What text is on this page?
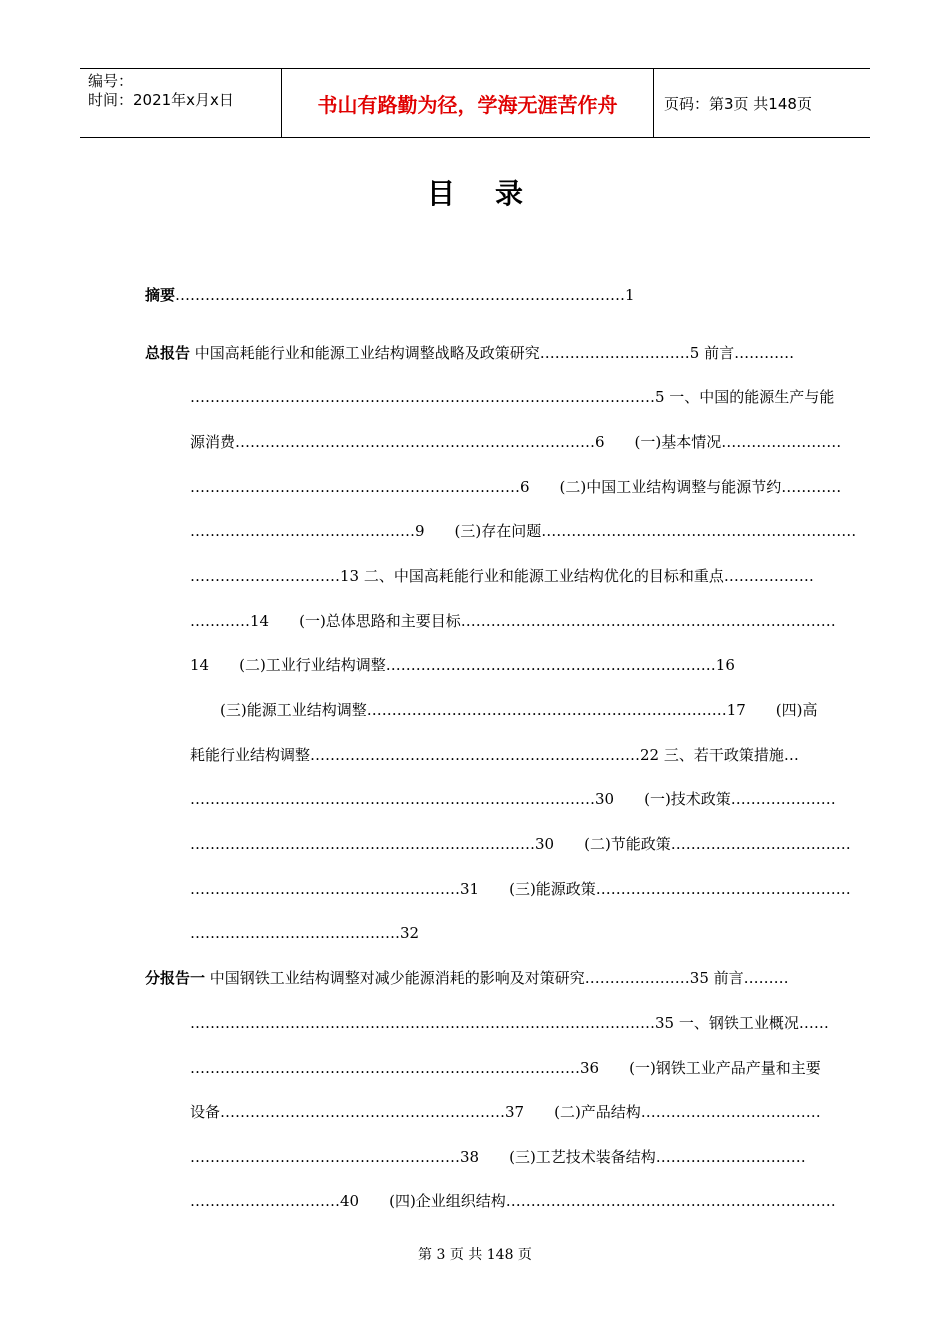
编号：
时间：2021年x月x日	书山有路勤为径，学海无涯苦作舟	页码：第3页 共148页
目录
摘要………………………………………………………………………………1
总报告 中国高耗能行业和能源工业结构调整战略及政策研究…………………………5 前言…………
…………………………………………………………………………………5 一、中国的能源生产与能
源消费………………………………………………………………6　　(一)基本情况……………………
…………………………………………………………6　　(二)中国工业结构调整与能源节约…………
………………………………………9　　(三)存在问题………………………………………………………
…………………………13 二、中国高耗能行业和能源工业结构优化的目标和重点………………
…………14　　(一)总体思路和主要目标…………………………………………………………………
14　　(二)工业行业结构调整…………………………………………………………16
(三)能源工业结构调整………………………………………………………………17　　(四)高
耗能行业结构调整…………………………………………………………22 三、若干政策措施…
………………………………………………………………………30　　(一)技术政策…………………
……………………………………………………………30　　(二)节能政策………………………………
………………………………………………31　　(三)能源政策……………………………………………
……………………………………32
分报告一 中国钢铁工业结构调整对减少能源消耗的影响及对策研究…………………35 前言………
…………………………………………………………………………………35 一、钢铁工业概况……
……………………………………………………………………36　　(一)钢铁工业产品产量和主要
设备…………………………………………………37　　(二)产品结构………………………………
………………………………………………38　　(三)工艺技术装备结构…………………………
…………………………40　　(四)企业组织结构…………………………………………………………
第 3 页 共 148 页
